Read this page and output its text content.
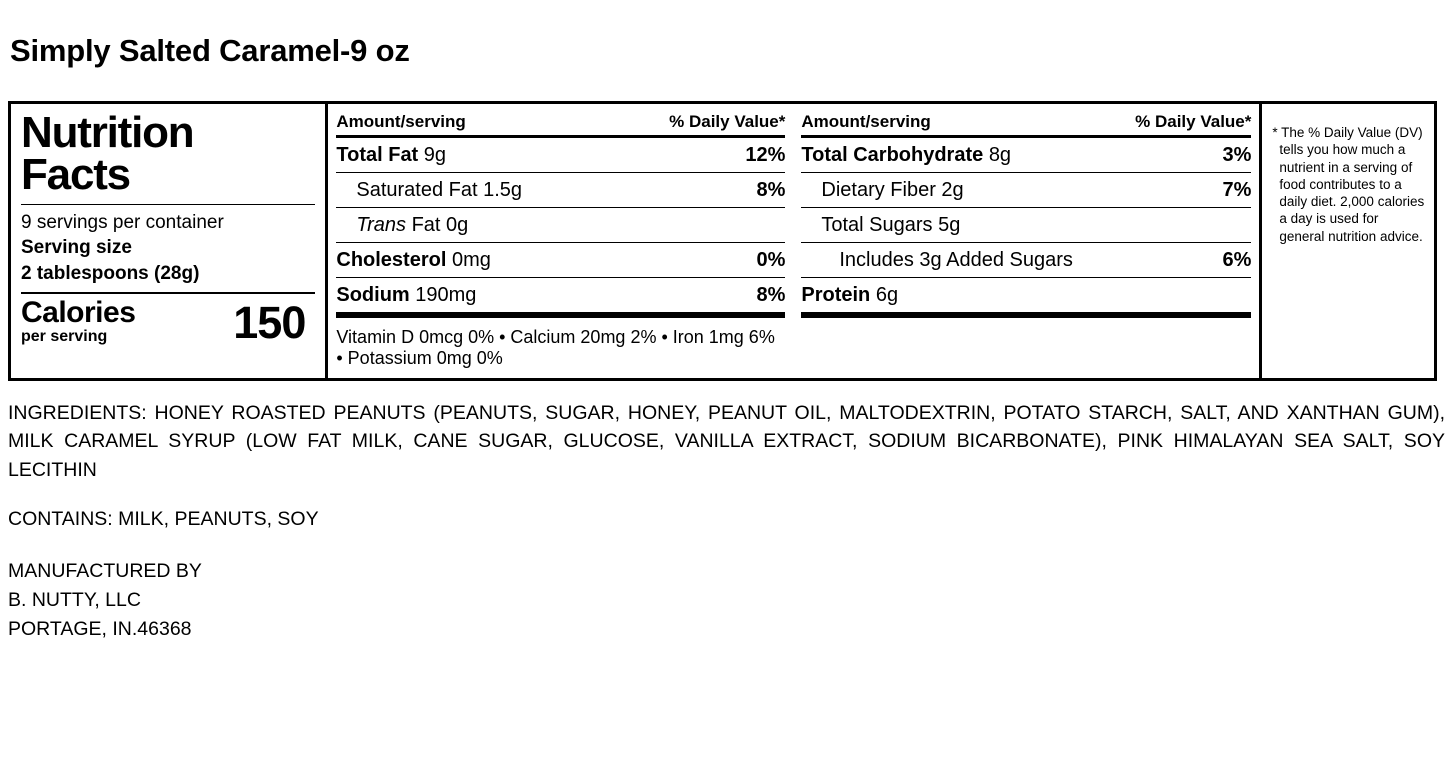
Simply Salted Caramel-9 oz
Nutrition
Facts
9 servings per container
Serving size
2 tablespoons (28g)
Calories
per serving	150
Amount/serving	% Daily Value*
Total Fat 9g	12%
Saturated Fat 1.5g	8%
Trans Fat 0g
Cholesterol 0mg	0%
Sodium 190mg	8%
Vitamin D 0mcg 0% • Calcium 20mg 2% • Iron 1mg 6% • Potassium 0mg 0%
Amount/serving	% Daily Value*
Total Carbohydrate 8g	3%
Dietary Fiber 2g	7%
Total Sugars 5g
Includes 3g Added Sugars	6%
Protein 6g

* The % Daily Value (DV) tells you how much a nutrient in a serving of food contributes to a daily diet. 2,000 calories a day is used for general nutrition advice.

INGREDIENTS: HONEY ROASTED PEANUTS (PEANUTS, SUGAR, HONEY, PEANUT OIL, MALTODEXTRIN, POTATO STARCH, SALT, AND XANTHAN GUM), MILK CARAMEL SYRUP (LOW FAT MILK, CANE SUGAR, GLUCOSE, VANILLA EXTRACT, SODIUM BICARBONATE), PINK HIMALAYAN SEA SALT, SOY LECITHIN
CONTAINS: MILK, PEANUTS, SOY
MANUFACTURED BY
B. NUTTY, LLC
PORTAGE, IN.46368
